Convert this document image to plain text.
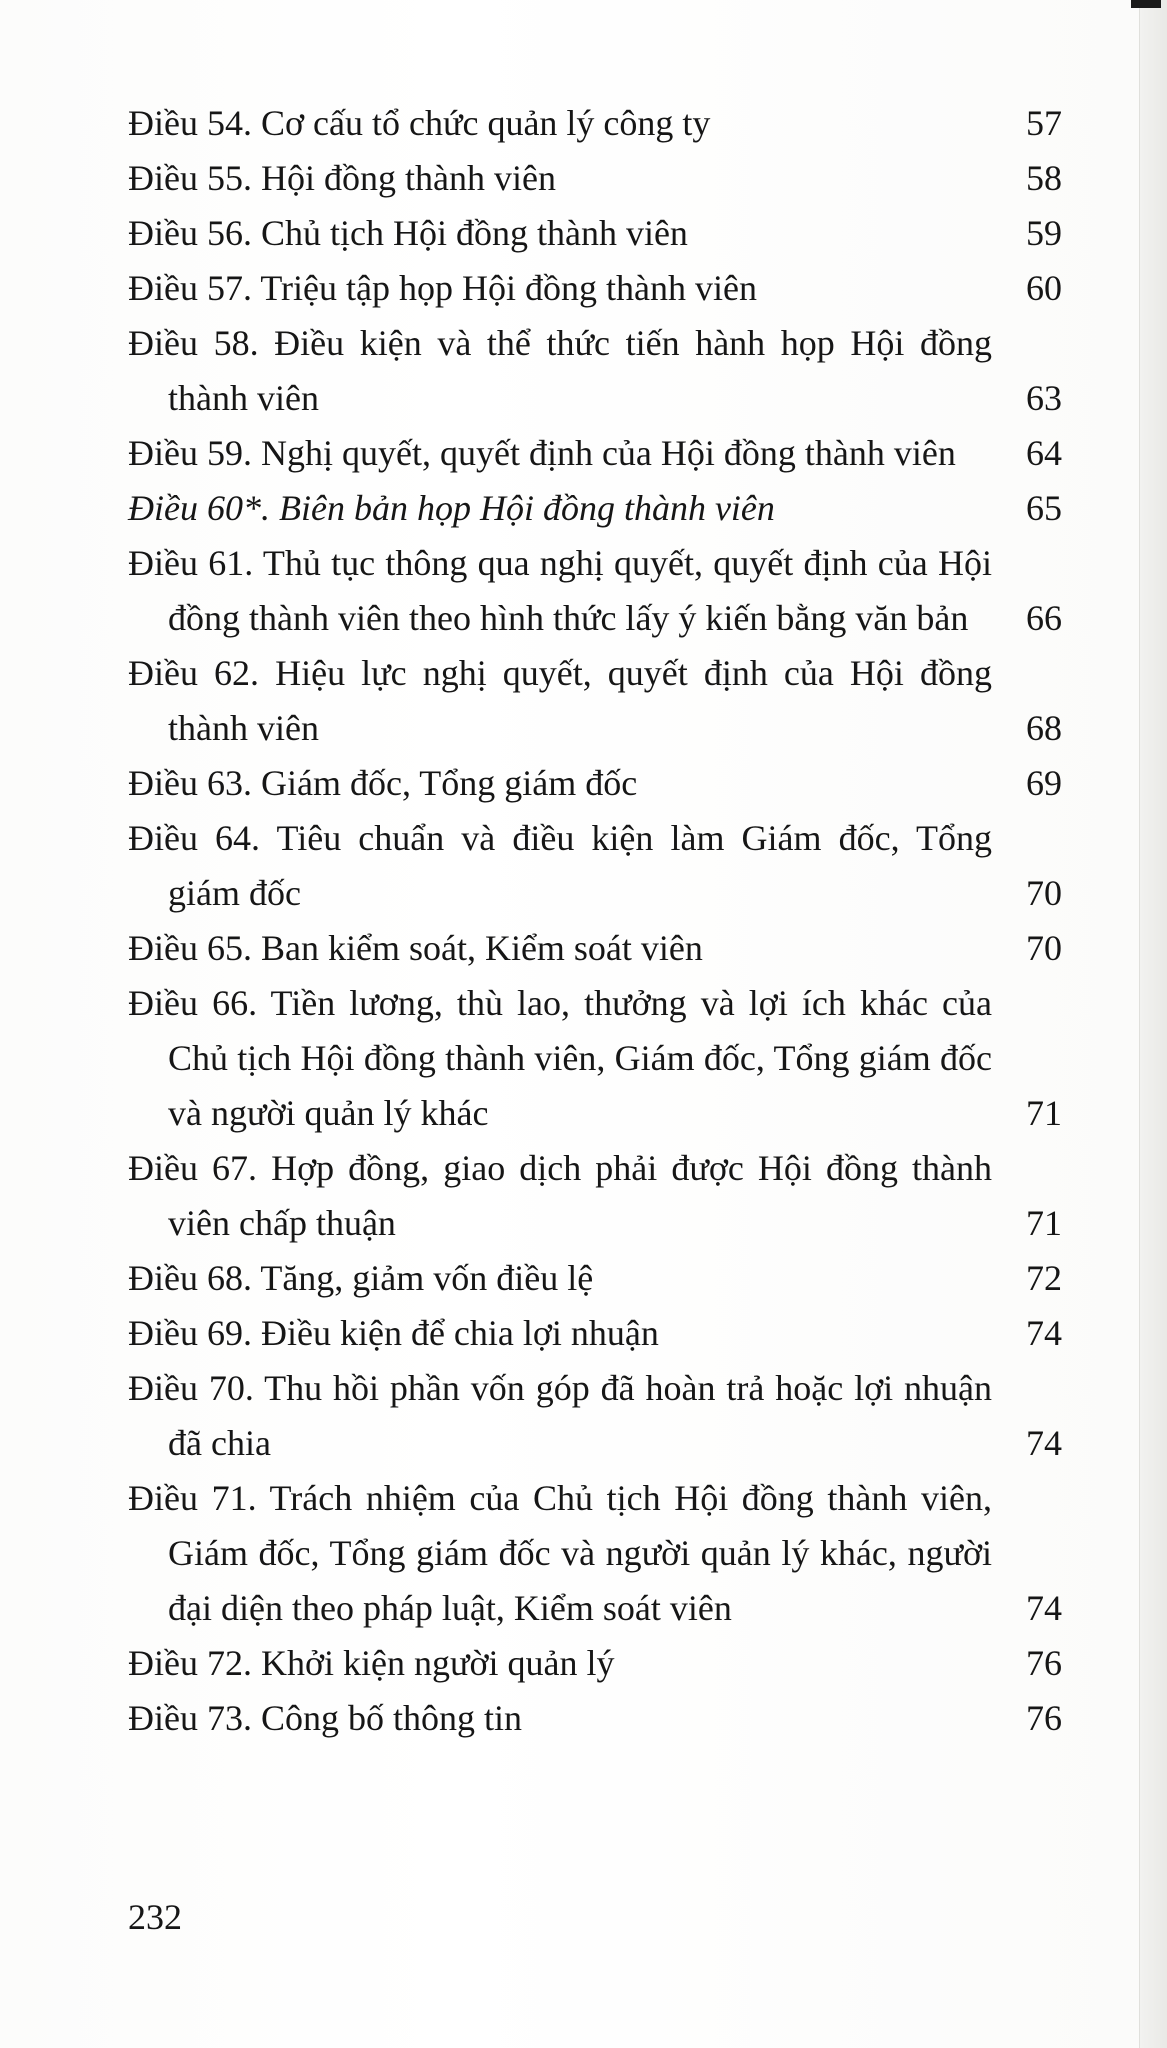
Điều 54. Cơ cấu tổ chức quản lý công ty	57
Điều 55. Hội đồng thành viên	58
Điều 56. Chủ tịch Hội đồng thành viên	59
Điều 57. Triệu tập họp Hội đồng thành viên	60
Điều 58. Điều kiện và thể thức tiến hành họp Hội đồng thành viên	63
Điều 59. Nghị quyết, quyết định của Hội đồng thành viên	64
Điều 60*. Biên bản họp Hội đồng thành viên	65
Điều 61. Thủ tục thông qua nghị quyết, quyết định của Hội đồng thành viên theo hình thức lấy ý kiến bằng văn bản	66
Điều 62. Hiệu lực nghị quyết, quyết định của Hội đồng thành viên	68
Điều 63. Giám đốc, Tổng giám đốc	69
Điều 64. Tiêu chuẩn và điều kiện làm Giám đốc, Tổng giám đốc	70
Điều 65. Ban kiểm soát, Kiểm soát viên	70
Điều 66. Tiền lương, thù lao, thưởng và lợi ích khác của Chủ tịch Hội đồng thành viên, Giám đốc, Tổng giám đốc và người quản lý khác	71
Điều 67. Hợp đồng, giao dịch phải được Hội đồng thành viên chấp thuận	71
Điều 68. Tăng, giảm vốn điều lệ	72
Điều 69. Điều kiện để chia lợi nhuận	74
Điều 70. Thu hồi phần vốn góp đã hoàn trả hoặc lợi nhuận đã chia	74
Điều 71. Trách nhiệm của Chủ tịch Hội đồng thành viên, Giám đốc, Tổng giám đốc và người quản lý khác, người đại diện theo pháp luật, Kiểm soát viên	74
Điều 72. Khởi kiện người quản lý	76
Điều 73. Công bố thông tin	76
232
